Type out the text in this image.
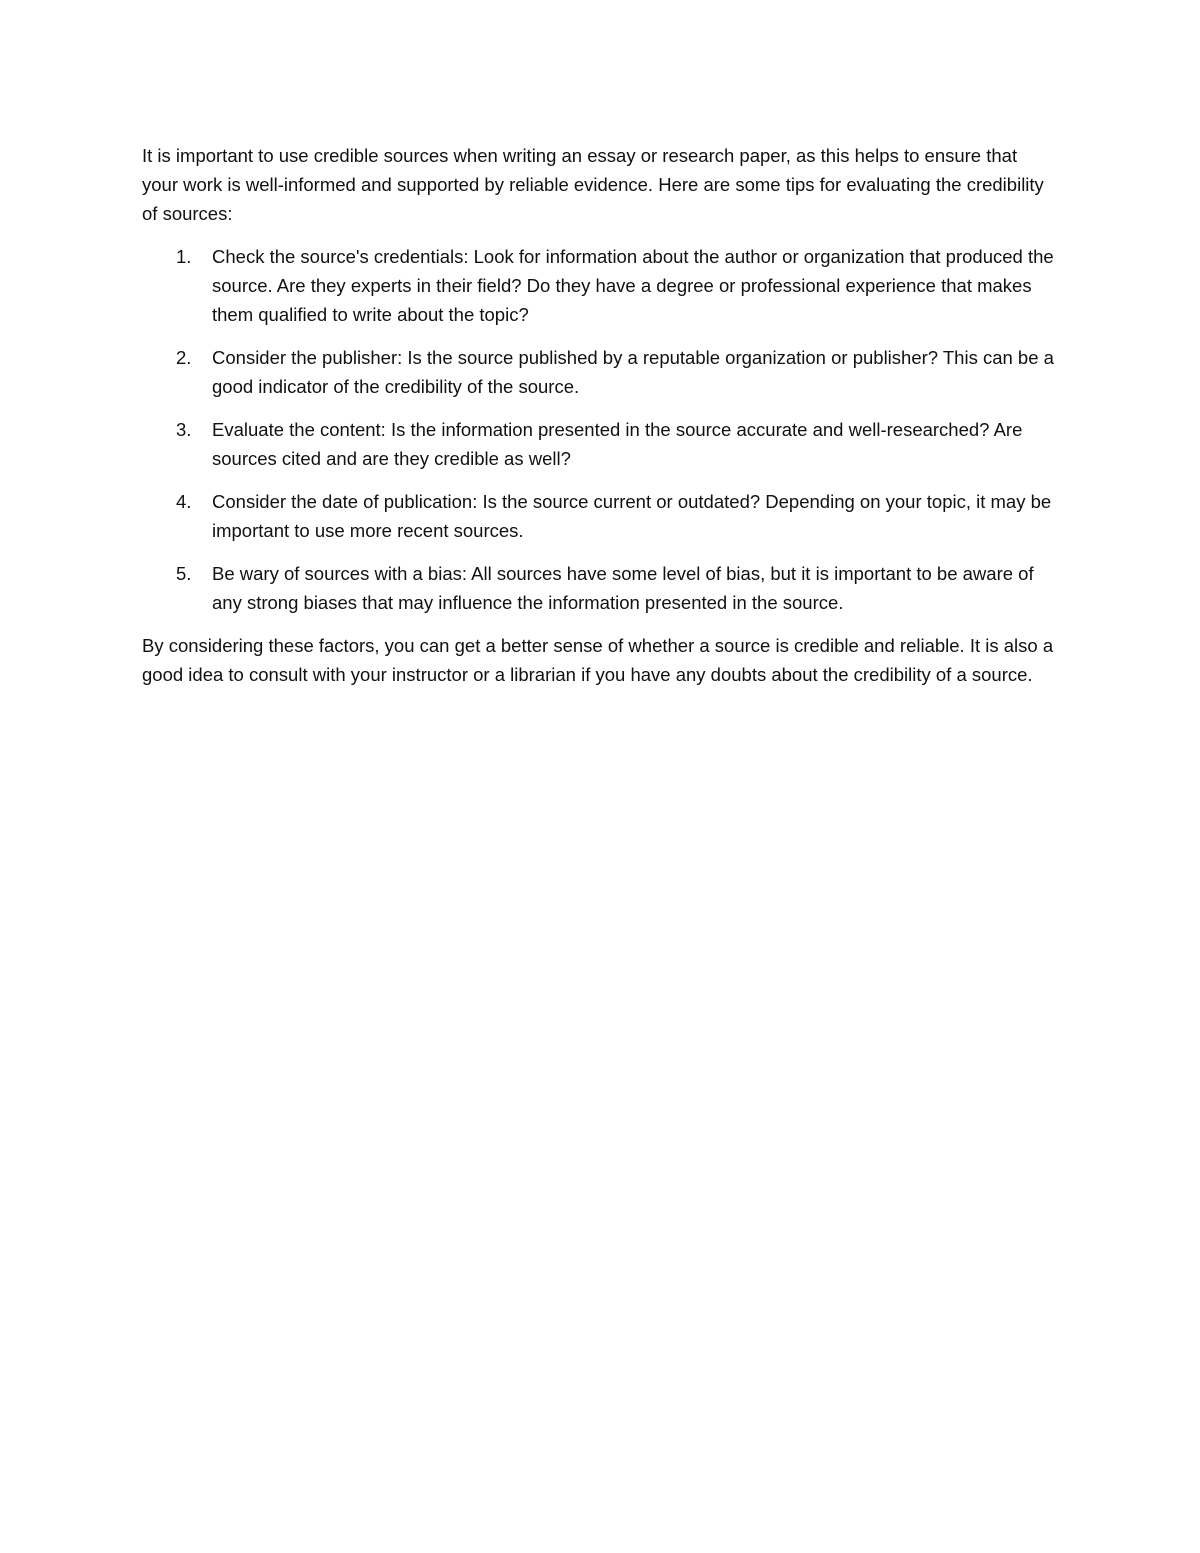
It is important to use credible sources when writing an essay or research paper, as this helps to ensure that your work is well-informed and supported by reliable evidence. Here are some tips for evaluating the credibility of sources:

1.	Check the source's credentials: Look for information about the author or organization that produced the source. Are they experts in their field? Do they have a degree or professional experience that makes them qualified to write about the topic?
2.	Consider the publisher: Is the source published by a reputable organization or publisher? This can be a good indicator of the credibility of the source.
3.	Evaluate the content: Is the information presented in the source accurate and well-researched? Are sources cited and are they credible as well?
4.	Consider the date of publication: Is the source current or outdated? Depending on your topic, it may be important to use more recent sources.
5.	Be wary of sources with a bias: All sources have some level of bias, but it is important to be aware of any strong biases that may influence the information presented in the source.

By considering these factors, you can get a better sense of whether a source is credible and reliable. It is also a good idea to consult with your instructor or a librarian if you have any doubts about the credibility of a source.
